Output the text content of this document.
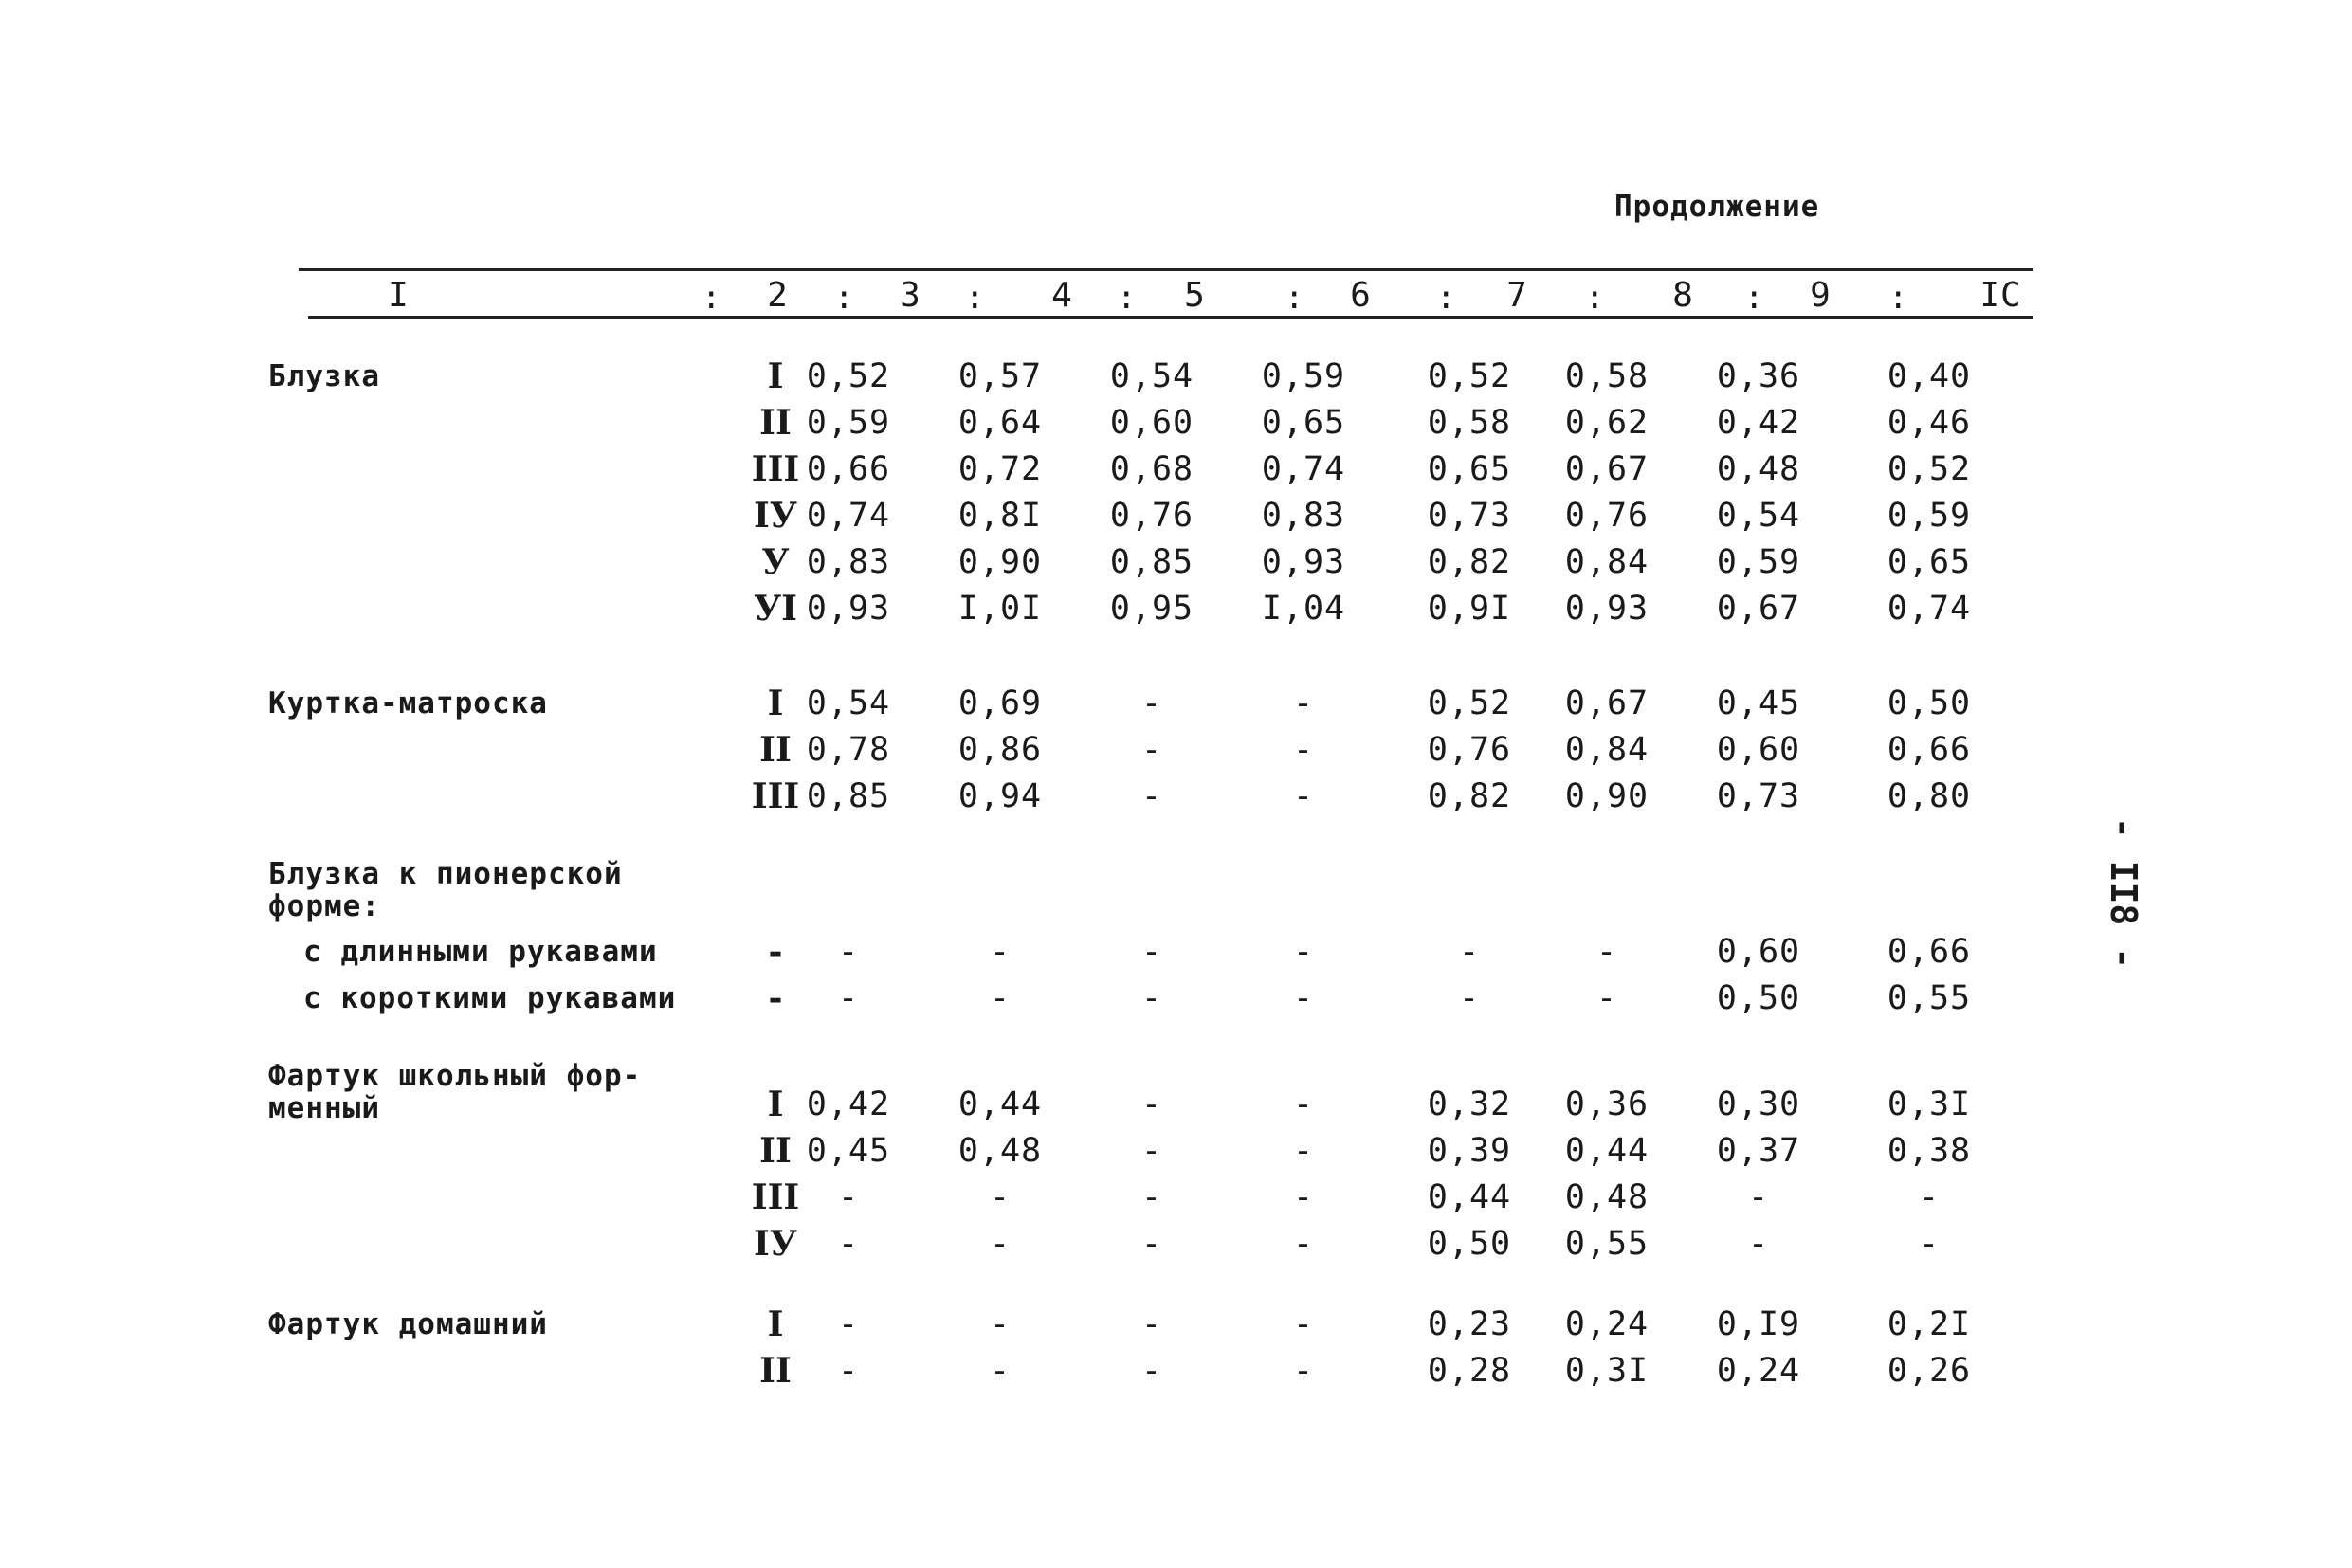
Продолжение
I	2	3	4	5	6	7	8	9	IC
:	:	:	:	:	:	:	:	:
Блузка	I 0,52	0,57	0,54	0,59	0,52	0,58	0,36	0,40
II 0,59	0,64	0,60	0,65	0,58	0,62	0,42	0,46
III 0,66	0,72	0,68	0,74	0,65	0,67	0,48	0,52
IУ 0,74	0,8I	0,76	0,83	0,73	0,76	0,54	0,59
У 0,83	0,90	0,85	0,93	0,82	0,84	0,59	0,65
УI 0,93	I,0I	0,95	I,04	0,9I	0,93	0,67	0,74
Куртка-матроска	I 0,54	0,69	-	-	0,52	0,67	0,45	0,50
II 0,78	0,86	-	-	0,76	0,84	0,60	0,66
III 0,85	0,94	-	-	0,82	0,90	0,73	0,80
Блузка к пионерской
форме:
с длинными рукавами	-	-	-	-	-	-	-	0,60	0,66
с короткими рукавами	-	-	-	-	-	-	-	0,50	0,55
Фартук школьный фор-
менный	I 0,42	0,44	-	-	0,32	0,36	0,30	0,3I
II 0,45	0,48	-	-	0,39	0,44	0,37	0,38
III	-	-	-	-	0,44	0,48	-	-
IУ	-	-	-	-	0,50	0,55	-	-
Фартук домашний	I	-	-	-	-	0,23	0,24	0,I9	0,2I
II	-	-	-	-	0,28	0,3I	0,24	0,26
- II8 -
